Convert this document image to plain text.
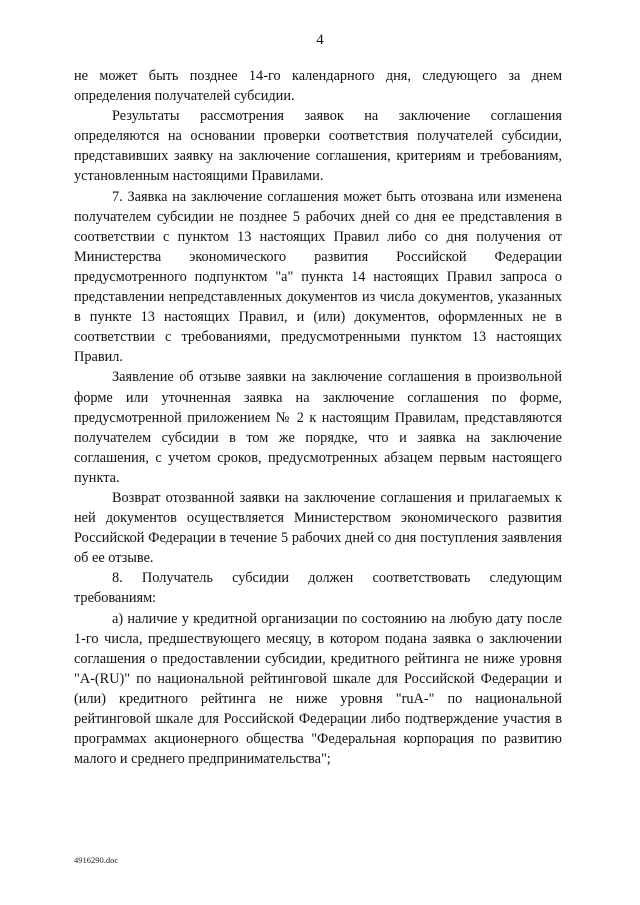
4

не может быть позднее 14-го календарного дня, следующего за днем определения получателей субсидии.

Результаты рассмотрения заявок на заключение соглашения определяются на основании проверки соответствия получателей субсидии, представивших заявку на заключение соглашения, критериям и требованиям, установленным настоящими Правилами.

7. Заявка на заключение соглашения может быть отозвана или изменена получателем субсидии не позднее 5 рабочих дней со дня ее представления в соответствии с пунктом 13 настоящих Правил либо со дня получения от Министерства экономического развития Российской Федерации предусмотренного подпунктом "а" пункта 14 настоящих Правил запроса о представлении непредставленных документов из числа документов, указанных в пункте 13 настоящих Правил, и (или) документов, оформленных не в соответствии с требованиями, предусмотренными пунктом 13 настоящих Правил.

Заявление об отзыве заявки на заключение соглашения в произвольной форме или уточненная заявка на заключение соглашения по форме, предусмотренной приложением № 2 к настоящим Правилам, представляются получателем субсидии в том же порядке, что и заявка на заключение соглашения, с учетом сроков, предусмотренных абзацем первым настоящего пункта.

Возврат отозванной заявки на заключение соглашения и прилагаемых к ней документов осуществляется Министерством экономического развития Российской Федерации в течение 5 рабочих дней со дня поступления заявления об ее отзыве.

8. Получатель субсидии должен соответствовать следующим требованиям:

а) наличие у кредитной организации по состоянию на любую дату после 1-го числа, предшествующего месяцу, в котором подана заявка о заключении соглашения о предоставлении субсидии, кредитного рейтинга не ниже уровня "A-(RU)" по национальной рейтинговой шкале для Российской Федерации и (или) кредитного рейтинга не ниже уровня "ruA-" по национальной рейтинговой шкале для Российской Федерации либо подтверждение участия в программах акционерного общества "Федеральная корпорация по развитию малого и среднего предпринимательства";

4916290.doc
